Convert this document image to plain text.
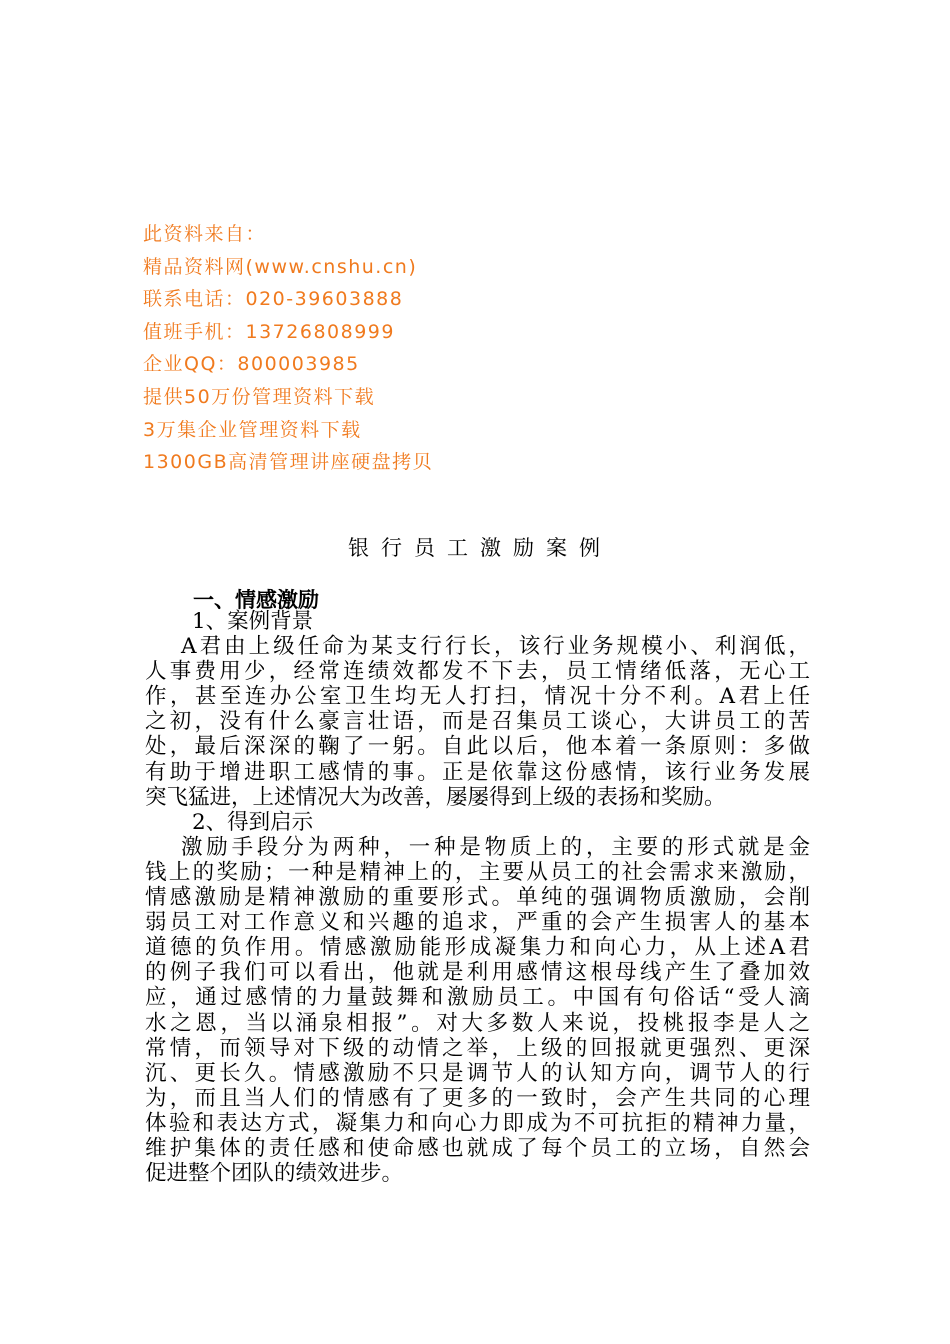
此资料来自：
精品资料网(www.cnshu.cn)
联系电话：020-39603888
值班手机：13726808999
企业QQ：800003985
提供50万份管理资料下载
3万集企业管理资料下载
1300GB高清管理讲座硬盘拷贝
银行员工激励案例
一、情感激励
1、案例背景
A君由上级任命为某支行行长，该行业务规模小、利润低，
人事费用少，经常连绩效都发不下去，员工情绪低落，无心工
作，甚至连办公室卫生均无人打扫，情况十分不利。A君上任
之初，没有什么豪言壮语，而是召集员工谈心，大讲员工的苦
处，最后深深的鞠了一躬。自此以后，他本着一条原则：多做
有助于增进职工感情的事。正是依靠这份感情，该行业务发展
突飞猛进，上述情况大为改善，屡屡得到上级的表扬和奖励。
2、得到启示
激励手段分为两种，一种是物质上的，主要的形式就是金
钱上的奖励；一种是精神上的，主要从员工的社会需求来激励，
情感激励是精神激励的重要形式。单纯的强调物质激励，会削
弱员工对工作意义和兴趣的追求，严重的会产生损害人的基本
道德的负作用。情感激励能形成凝集力和向心力，从上述A君
的例子我们可以看出，他就是利用感情这根母线产生了叠加效
应，通过感情的力量鼓舞和激励员工。中国有句俗话“受人滴
水之恩，当以涌泉相报”。对大多数人来说，投桃报李是人之
常情，而领导对下级的动情之举，上级的回报就更强烈、更深
沉、更长久。情感激励不只是调节人的认知方向，调节人的行
为，而且当人们的情感有了更多的一致时，会产生共同的心理
体验和表达方式，凝集力和向心力即成为不可抗拒的精神力量，
维护集体的责任感和使命感也就成了每个员工的立场，自然会
促进整个团队的绩效进步。
